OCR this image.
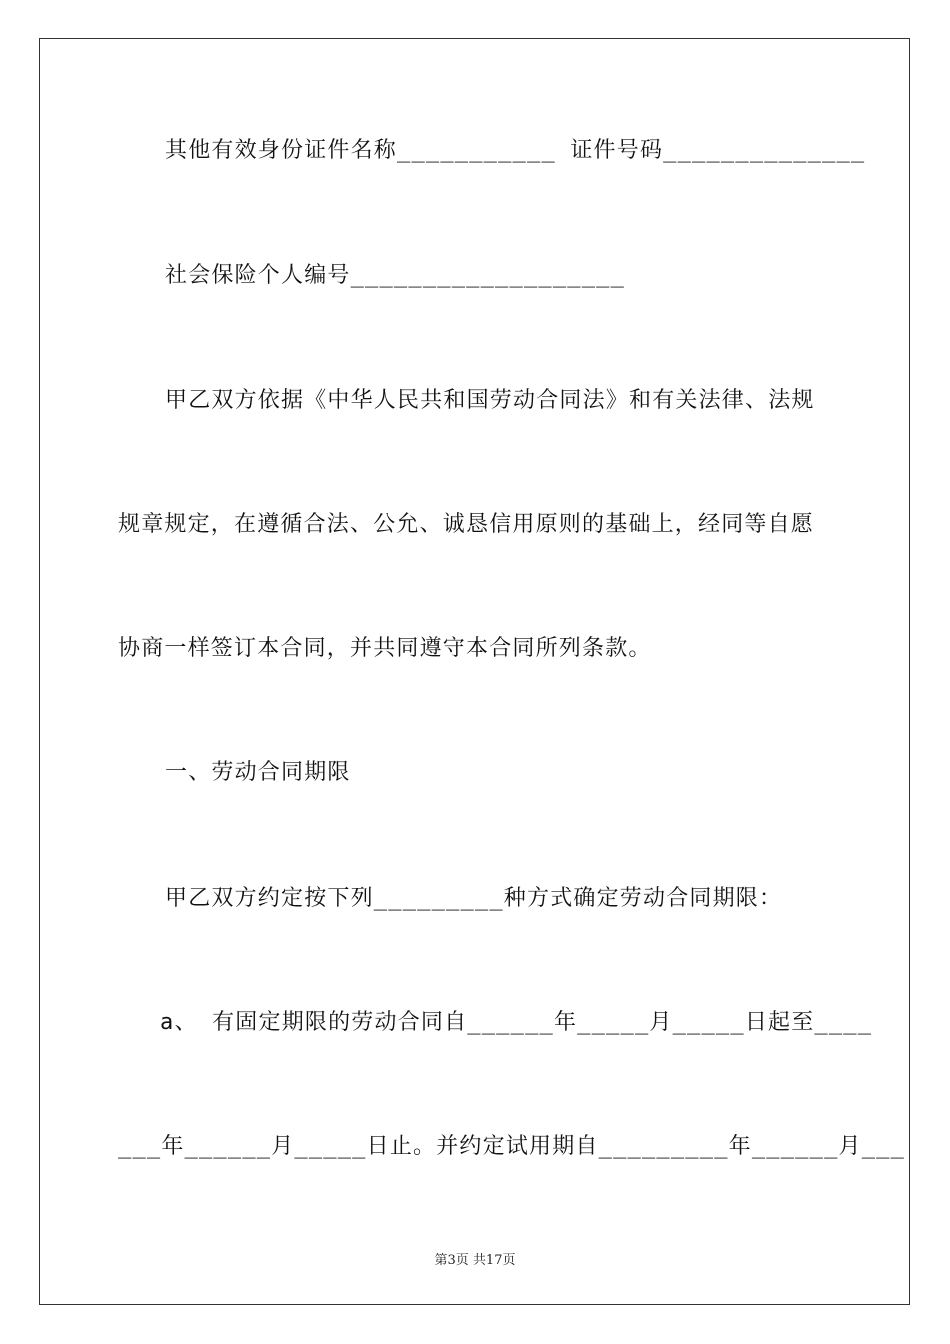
其他有效身份证件名称___________ 证件号码______________
社会保险个人编号___________________
甲乙双方依据《中华人民共和国劳动合同法》和有关法律、法规
规章规定，在遵循合法、公允、诚恳信用原则的基础上，经同等自愿
协商一样签订本合同，并共同遵守本合同所列条款。
一、劳动合同期限
甲乙双方约定按下列_________种方式确定劳动合同期限：
a、 有固定期限的劳动合同自______年_____月_____日起至____
___年______月_____日止。并约定试用期自_________年______月___
第3页 共17页
